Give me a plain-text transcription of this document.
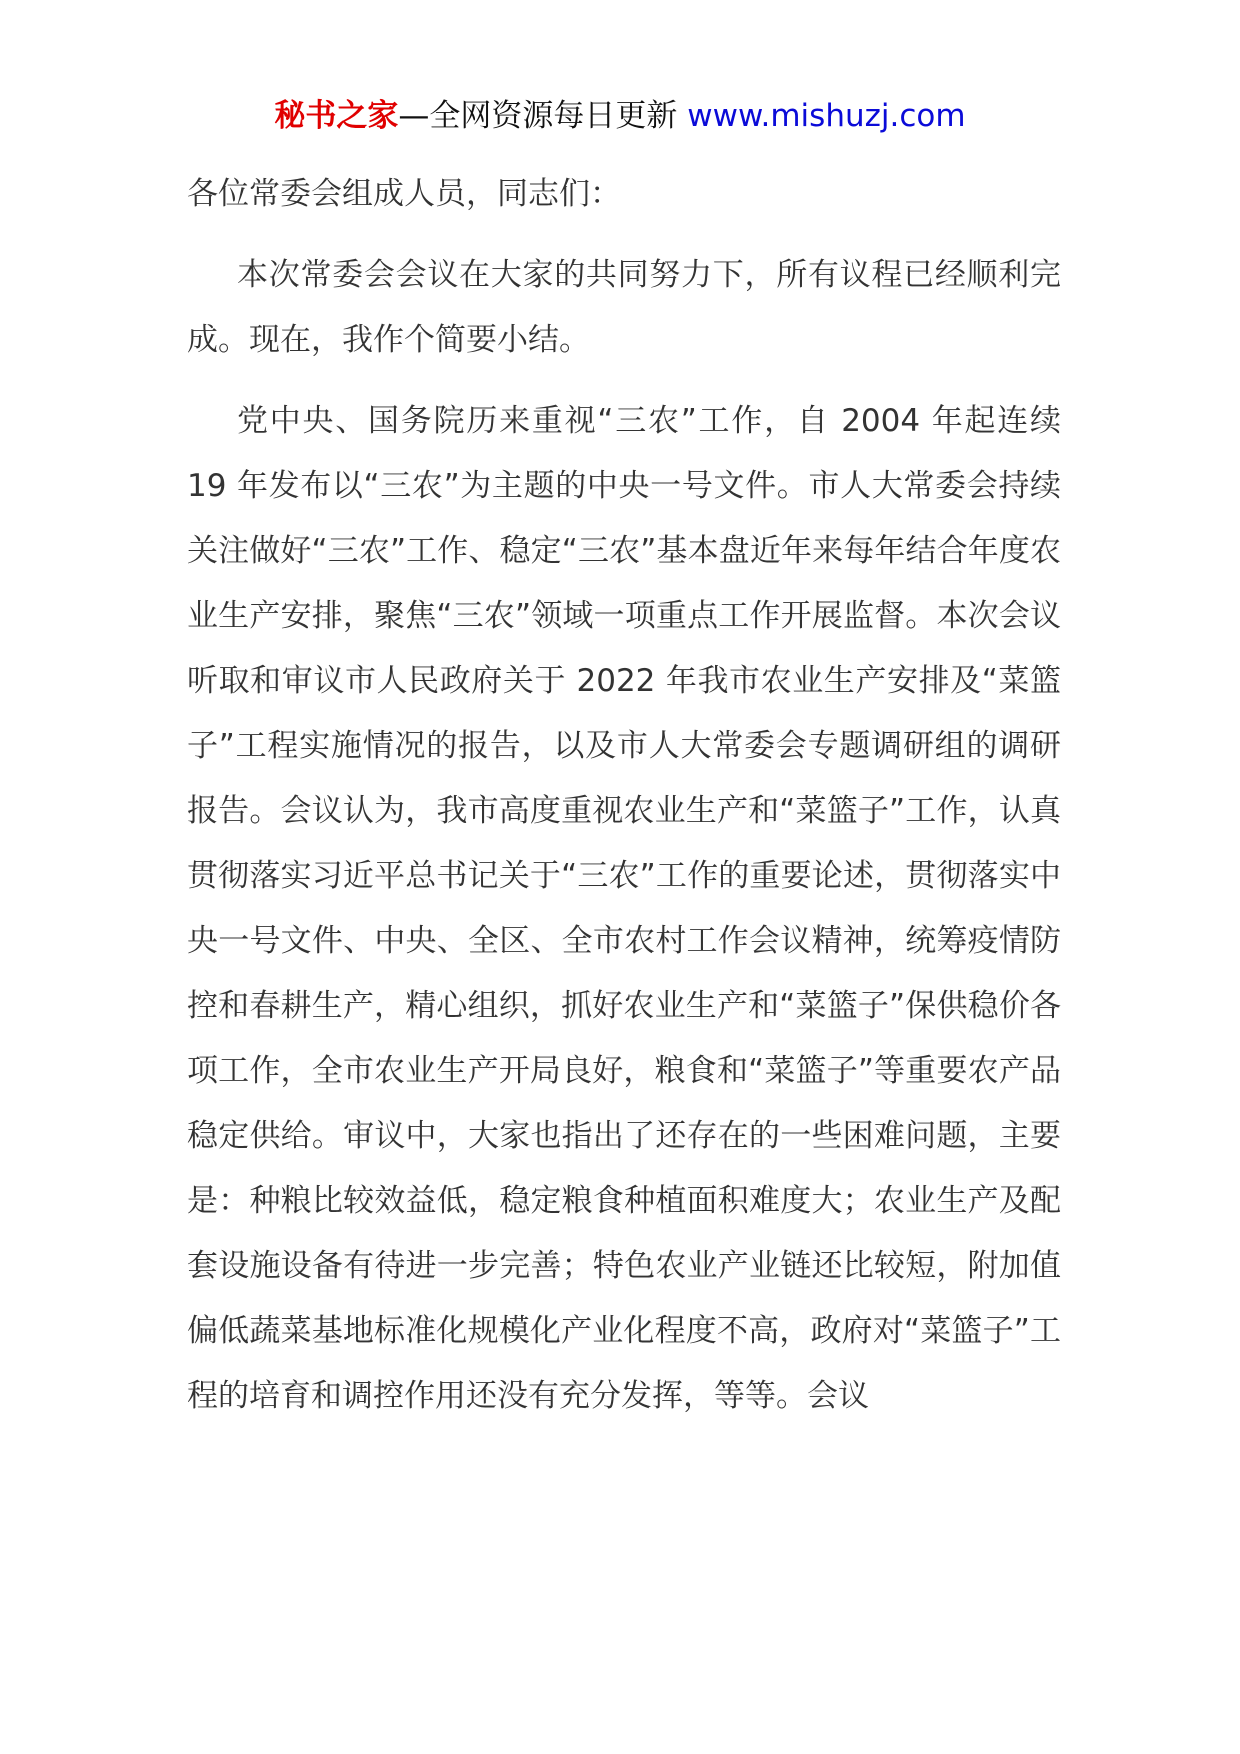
秘书之家—全网资源每日更新 www.mishuzj.com

各位常委会组成人员，同志们：

本次常委会会议在大家的共同努力下，所有议程已经顺利完成。现在，我作个简要小结。

党中央、国务院历来重视“三农”工作，自 2004 年起连续 19 年发布以“三农”为主题的中央一号文件。市人大常委会持续关注做好“三农”工作、稳定“三农”基本盘近年来每年结合年度农业生产安排，聚焦“三农”领域一项重点工作开展监督。本次会议听取和审议市人民政府关于 2022 年我市农业生产安排及“菜篮子”工程实施情况的报告，以及市人大常委会专题调研组的调研报告。会议认为，我市高度重视农业生产和“菜篮子”工作，认真贯彻落实习近平总书记关于“三农”工作的重要论述，贯彻落实中央一号文件、中央、全区、全市农村工作会议精神，统筹疫情防控和春耕生产，精心组织，抓好农业生产和“菜篮子”保供稳价各项工作，全市农业生产开局良好，粮食和“菜篮子”等重要农产品稳定供给。审议中，大家也指出了还存在的一些困难问题，主要是：种粮比较效益低，稳定粮食种植面积难度大；农业生产及配套设施设备有待进一步完善；特色农业产业链还比较短，附加值偏低蔬菜基地标准化规模化产业化程度不高，政府对“菜篮子”工程的培育和调控作用还没有充分发挥，等等。会议
